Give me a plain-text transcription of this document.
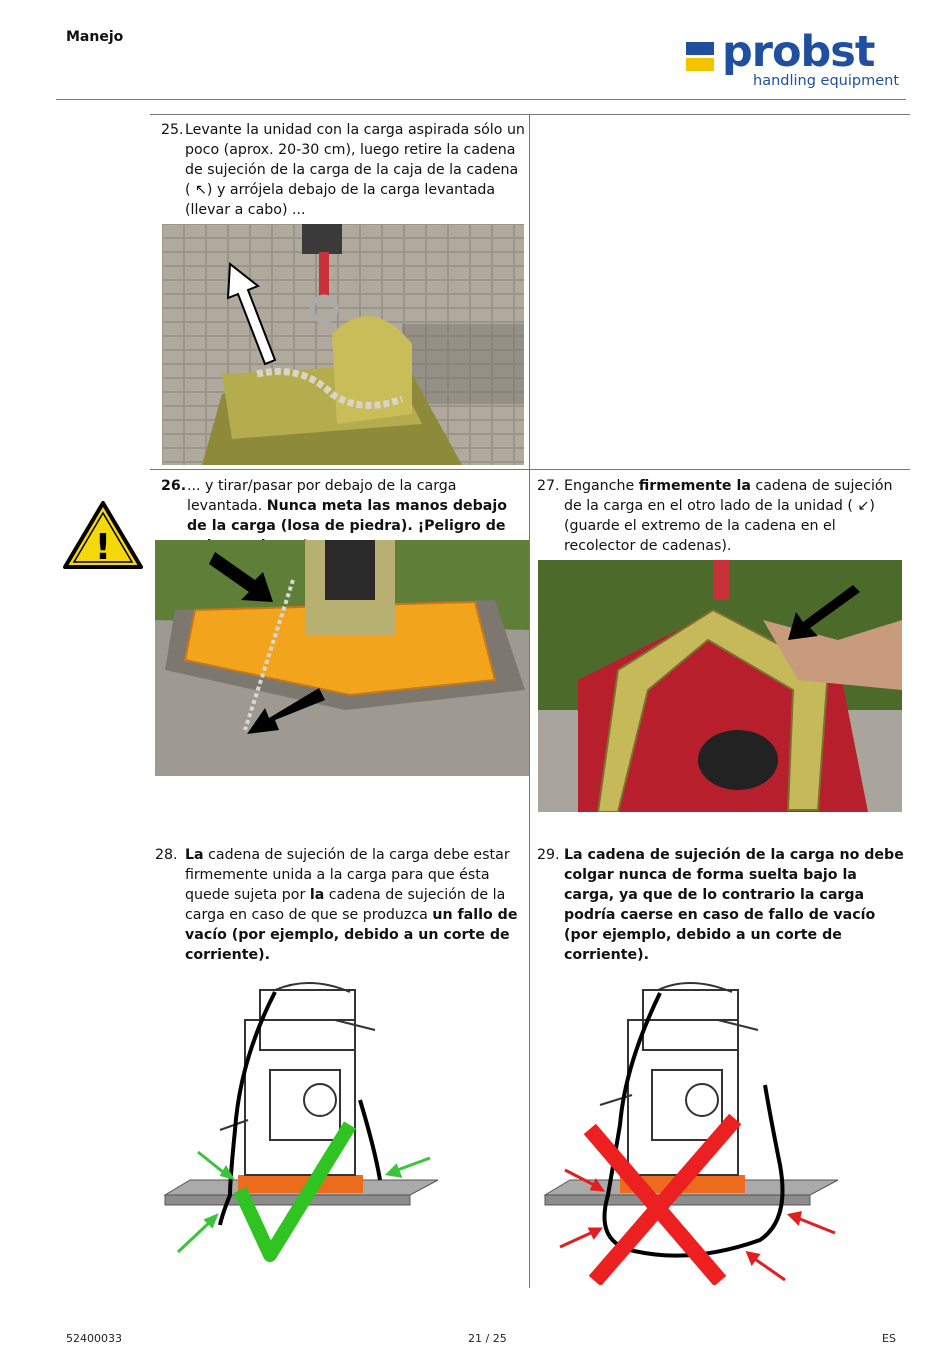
Manejo	probst
handling equipment
25. Levante la unidad con la carga aspirada sólo un poco (aprox. 20-30 cm), luego retire la cadena de sujeción de la carga de la caja de la cadena ( ↖) y arrójela debajo de la carga levantada (llevar a cabo) ...
!
26. ... y tirar/pasar por debajo de la carga levantada. Nunca meta las manos debajo de la carga (losa de piedra). ¡Peligro de
27. Enganche firmemente la cadena de sujeción de la carga en el otro lado de la unidad ( ↙) (guarde el extremo de la cadena en el recolector de cadenas).
28. La cadena de sujeción de la carga debe estar firmemente unida a la carga para que ésta quede sujeta por la cadena de sujeción de la carga en caso de que se produzca un fallo de vacío (por ejemplo, debido a un corte de corriente).
29. La cadena de sujeción de la carga no debe colgar nunca de forma suelta bajo la carga, ya que de lo contrario la carga podría caerse en caso de fallo de vacío (por ejemplo, debido a un corte de corriente).
52400033	21 / 25	ES
